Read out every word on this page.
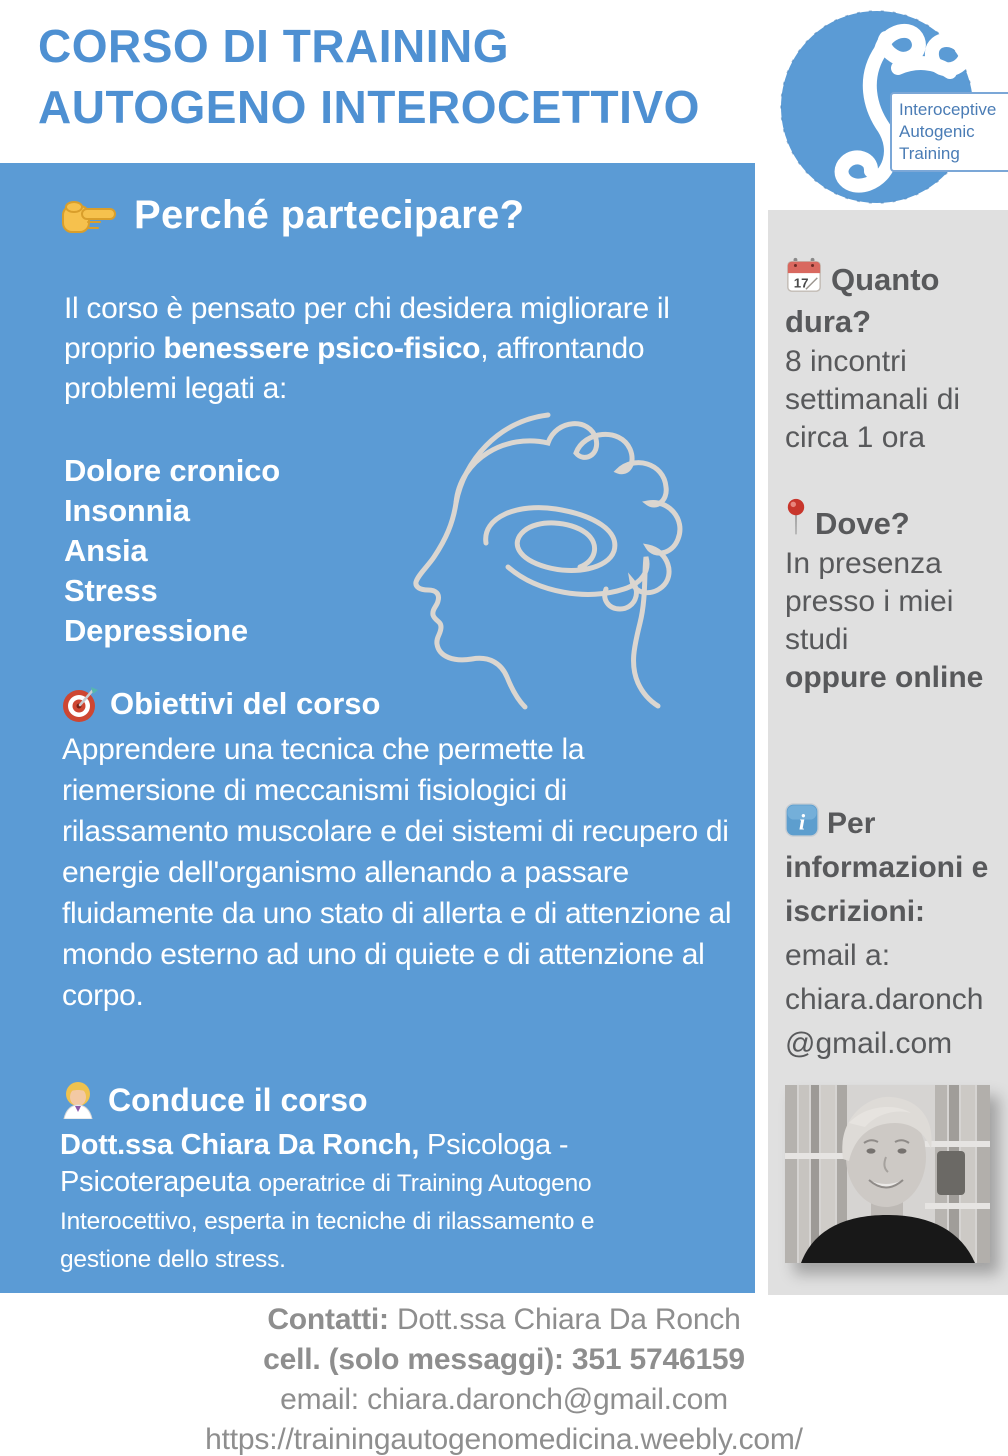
CORSO DI TRAINING
AUTOGENO INTEROCETTIVO	Interoceptive
Autogenic
Training
Perché partecipare?
Il corso è pensato per chi desidera migliorare il proprio benessere psico-fisico, affrontando problemi legati a:
Dolore cronico
Insonnia
Ansia
Stress
Depressione
Obiettivi del corso
Apprendere una tecnica che permette la riemersione di meccanismi fisiologici di rilassamento muscolare e dei sistemi di recupero di energie dell'organismo allenando a passare fluidamente da uno stato di allerta e di attenzione al mondo esterno ad uno di quiete e di attenzione al corpo.
Conduce il corso
Dott.ssa Chiara Da Ronch, Psicologa - Psicoterapeuta operatrice di Training Autogeno Interocettivo, esperta in tecniche di rilassamento e gestione dello stress.
17 Quanto dura?
8 incontri settimanali di circa 1 ora
Dove?
In presenza presso i miei studi
oppure online
i Per informazioni e iscrizioni:
email a:
chiara.daronch
@gmail.com
Contatti: Dott.ssa Chiara Da Ronch
cell. (solo messaggi): 351 5746159
email: chiara.daronch@gmail.com
https://trainingautogenomedicina.weebly.com/
